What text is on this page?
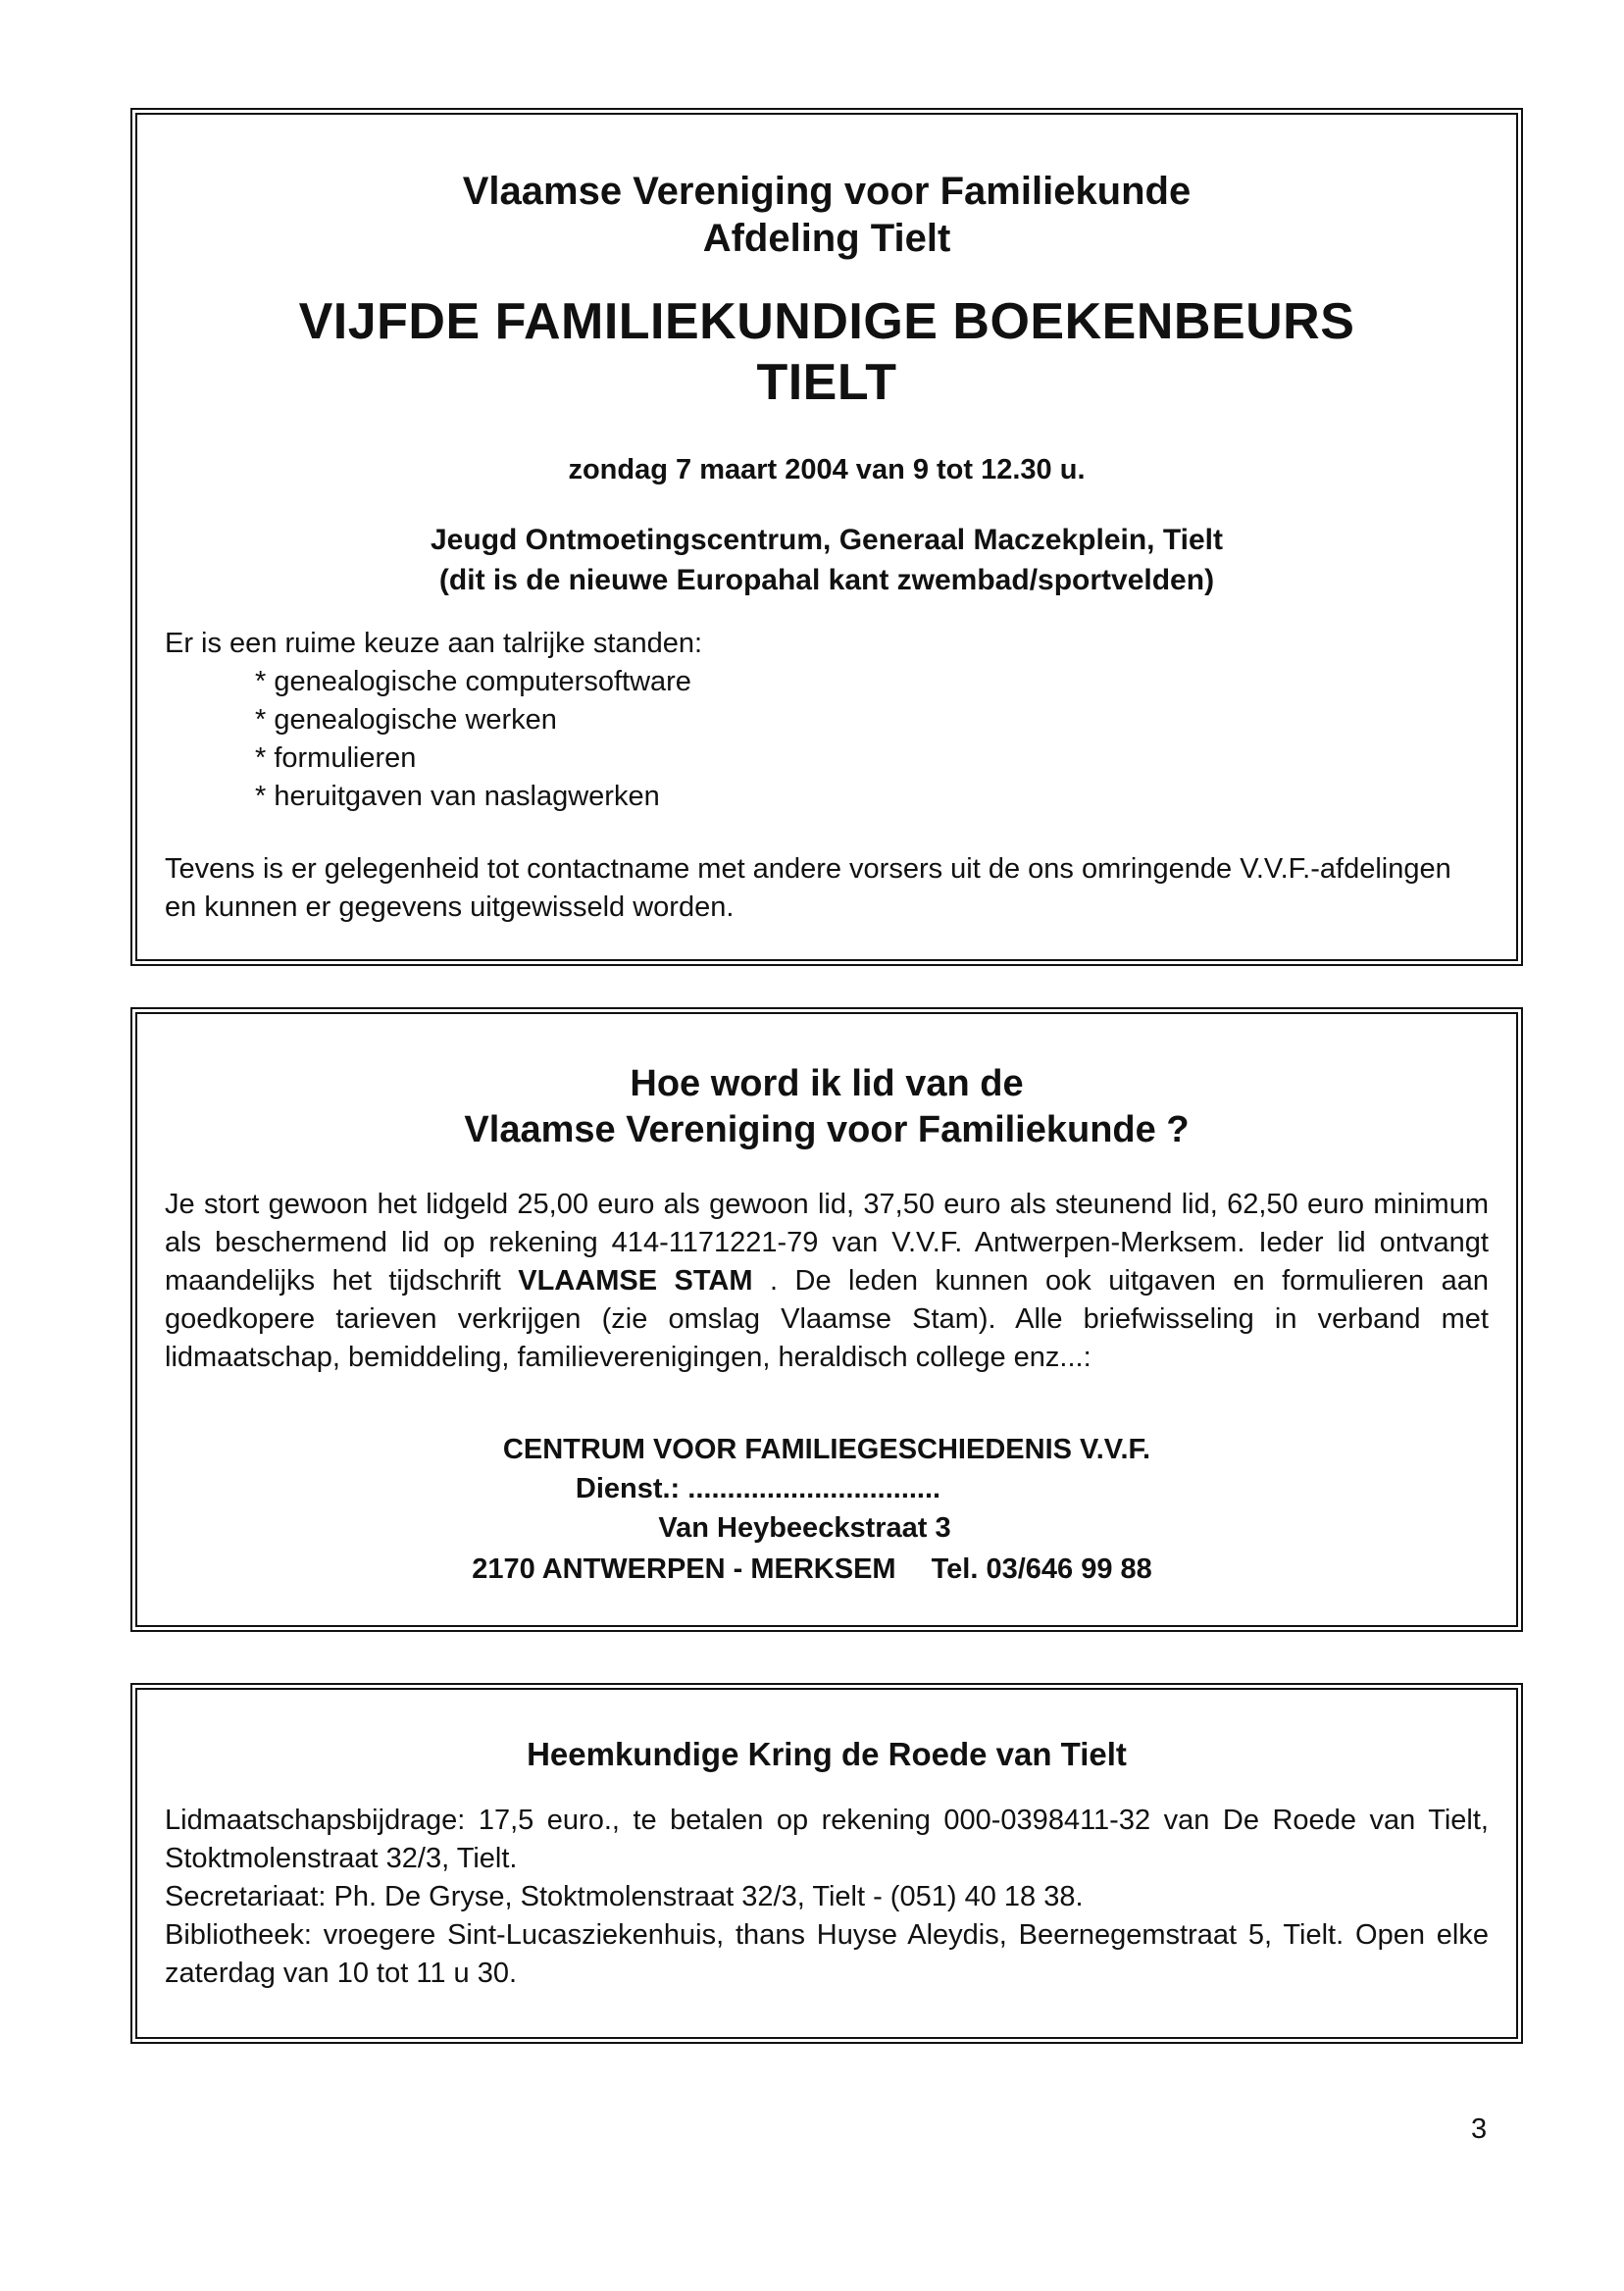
Vlaamse Vereniging voor Familiekunde

Afdeling Tielt

VIJFDE FAMILIEKUNDIGE BOEKENBEURS

TIELT

zondag 7 maart 2004 van 9 tot 12.30 u.

Jeugd Ontmoetingscentrum, Generaal Maczekplein, Tielt

(dit is de nieuwe Europahal kant zwembad/sportvelden)

Er is een ruime keuze aan talrijke standen:

* genealogische computersoftware
* genealogische werken
* formulieren
* heruitgaven van naslagwerken

Tevens is er gelegenheid tot contactname met andere vorsers uit de ons omringende V.V.F.-afdelingen en kunnen er gegevens uitgewisseld worden.

Hoe word ik lid van de

Vlaamse Vereniging voor Familiekunde ?

Je stort gewoon het lidgeld 25,00 euro als gewoon lid, 37,50 euro als steunend lid, 62,50 euro minimum als beschermend lid op rekening 414-1171221-79 van V.V.F. Antwerpen-Merksem. Ieder lid ontvangt maandelijks het tijdschrift VLAAMSE STAM . De leden kunnen ook uitgaven en formulieren aan goedkopere tarieven verkrijgen (zie omslag Vlaamse Stam). Alle briefwisseling in verband met lidmaatschap, bemiddeling, familieverenigingen, heraldisch college enz...:

CENTRUM VOOR FAMILIEGESCHIEDENIS V.V.F.

Dienst.: ................................

Van Heybeeckstraat 3

2170 ANTWERPEN - MERKSEM Tel. 03/646 99 88

Heemkundige Kring de Roede van Tielt

Lidmaatschapsbijdrage: 17,5 euro., te betalen op rekening 000-0398411-32 van De Roede van Tielt, Stoktmolenstraat 32/3, Tielt.

Secretariaat: Ph. De Gryse, Stoktmolenstraat 32/3, Tielt - (051) 40 18 38.

Bibliotheek: vroegere Sint-Lucasziekenhuis, thans Huyse Aleydis, Beernegemstraat 5, Tielt. Open elke zaterdag van 10 tot 11 u 30.

3
